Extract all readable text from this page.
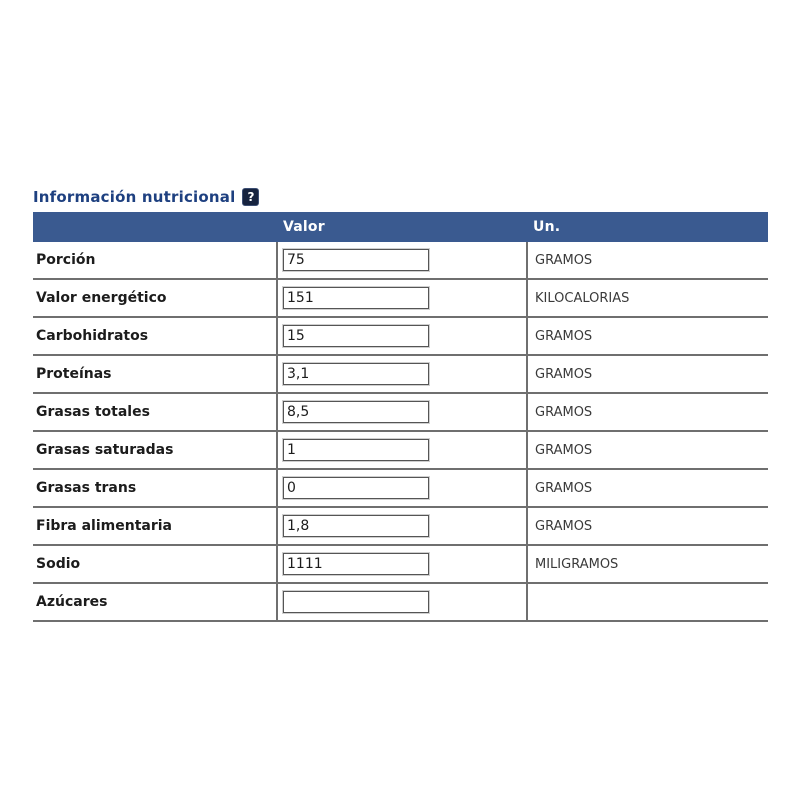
Información nutricional	?
	Valor	Un.
Porción	75	GRAMOS
Valor energético	151	KILOCALORIAS
Carbohidratos	15	GRAMOS
Proteínas	3,1	GRAMOS
Grasas totales	8,5	GRAMOS
Grasas saturadas	1	GRAMOS
Grasas trans	0	GRAMOS
Fibra alimentaria	1,8	GRAMOS
Sodio	1111	MILIGRAMOS
Azúcares		
